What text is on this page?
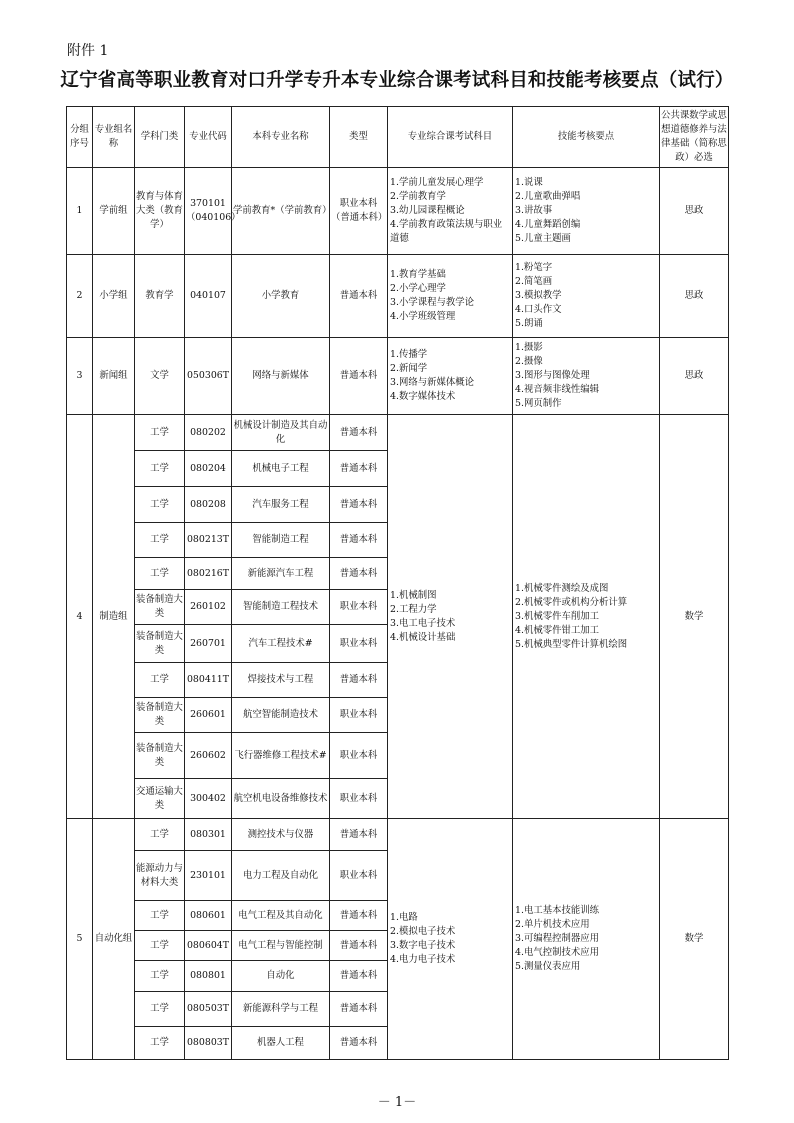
附件 1
辽宁省高等职业教育对口升学专升本专业综合课考试科目和技能考核要点（试行）
分组序号	专业组名称	学科门类	专业代码	本科专业名称	类型	专业综合课考试科目	技能考核要点	公共课数学或思想道德修养与法律基础（简称思政）必选
1	学前组	教育与体育大类（教育学）	370101（040106）	学前教育*（学前教育）	职业本科（普通本科）	1.学前儿童发展心理学
2.学前教育学
3.幼儿园课程概论
4.学前教育政策法规与职业道德	1.说课
2.儿童歌曲弹唱
3.讲故事
4.儿童舞蹈创编
5.儿童主题画	思政
2	小学组	教育学	040107	小学教育	普通本科	1.教育学基础
2.小学心理学
3.小学课程与教学论
4.小学班级管理	1.粉笔字
2.简笔画
3.模拟教学
4.口头作文
5.朗诵	思政
3	新闻组	文学	050306T	网络与新媒体	普通本科	1.传播学
2.新闻学
3.网络与新媒体概论
4.数字媒体技术	1.摄影
2.摄像
3.图形与图像处理
4.视音频非线性编辑
5.网页制作	思政
4	制造组	工学	080202	机械设计制造及其自动化	普通本科	1.机械制图
2.工程力学
3.电工电子技术
4.机械设计基础	1.机械零件测绘及成图
2.机械零件或机构分析计算
3.机械零件车削加工
4.机械零件钳工加工
5.机械典型零件计算机绘图	数学
		工学	080204	机械电子工程	普通本科			
		工学	080208	汽车服务工程	普通本科			
		工学	080213T	智能制造工程	普通本科			
		工学	080216T	新能源汽车工程	普通本科			
		装备制造大类	260102	智能制造工程技术	职业本科			
		装备制造大类	260701	汽车工程技术#	职业本科			
		工学	080411T	焊接技术与工程	普通本科			
		装备制造大类	260601	航空智能制造技术	职业本科			
		装备制造大类	260602	飞行器维修工程技术#	职业本科			
		交通运输大类	300402	航空机电设备维修技术	职业本科			
5	自动化组	工学	080301	测控技术与仪器	普通本科	1.电路
2.模拟电子技术
3.数字电子技术
4.电力电子技术	1.电工基本技能训练
2.单片机技术应用
3.可编程控制器应用
4.电气控制技术应用
5.测量仪表应用	数学
		能源动力与材料大类	230101	电力工程及自动化	职业本科			
		工学	080601	电气工程及其自动化	普通本科			
		工学	080604T	电气工程与智能控制	普通本科			
		工学	080801	自动化	普通本科			
		工学	080503T	新能源科学与工程	普通本科			
		工学	080803T	机器人工程	普通本科			
－ 1－
